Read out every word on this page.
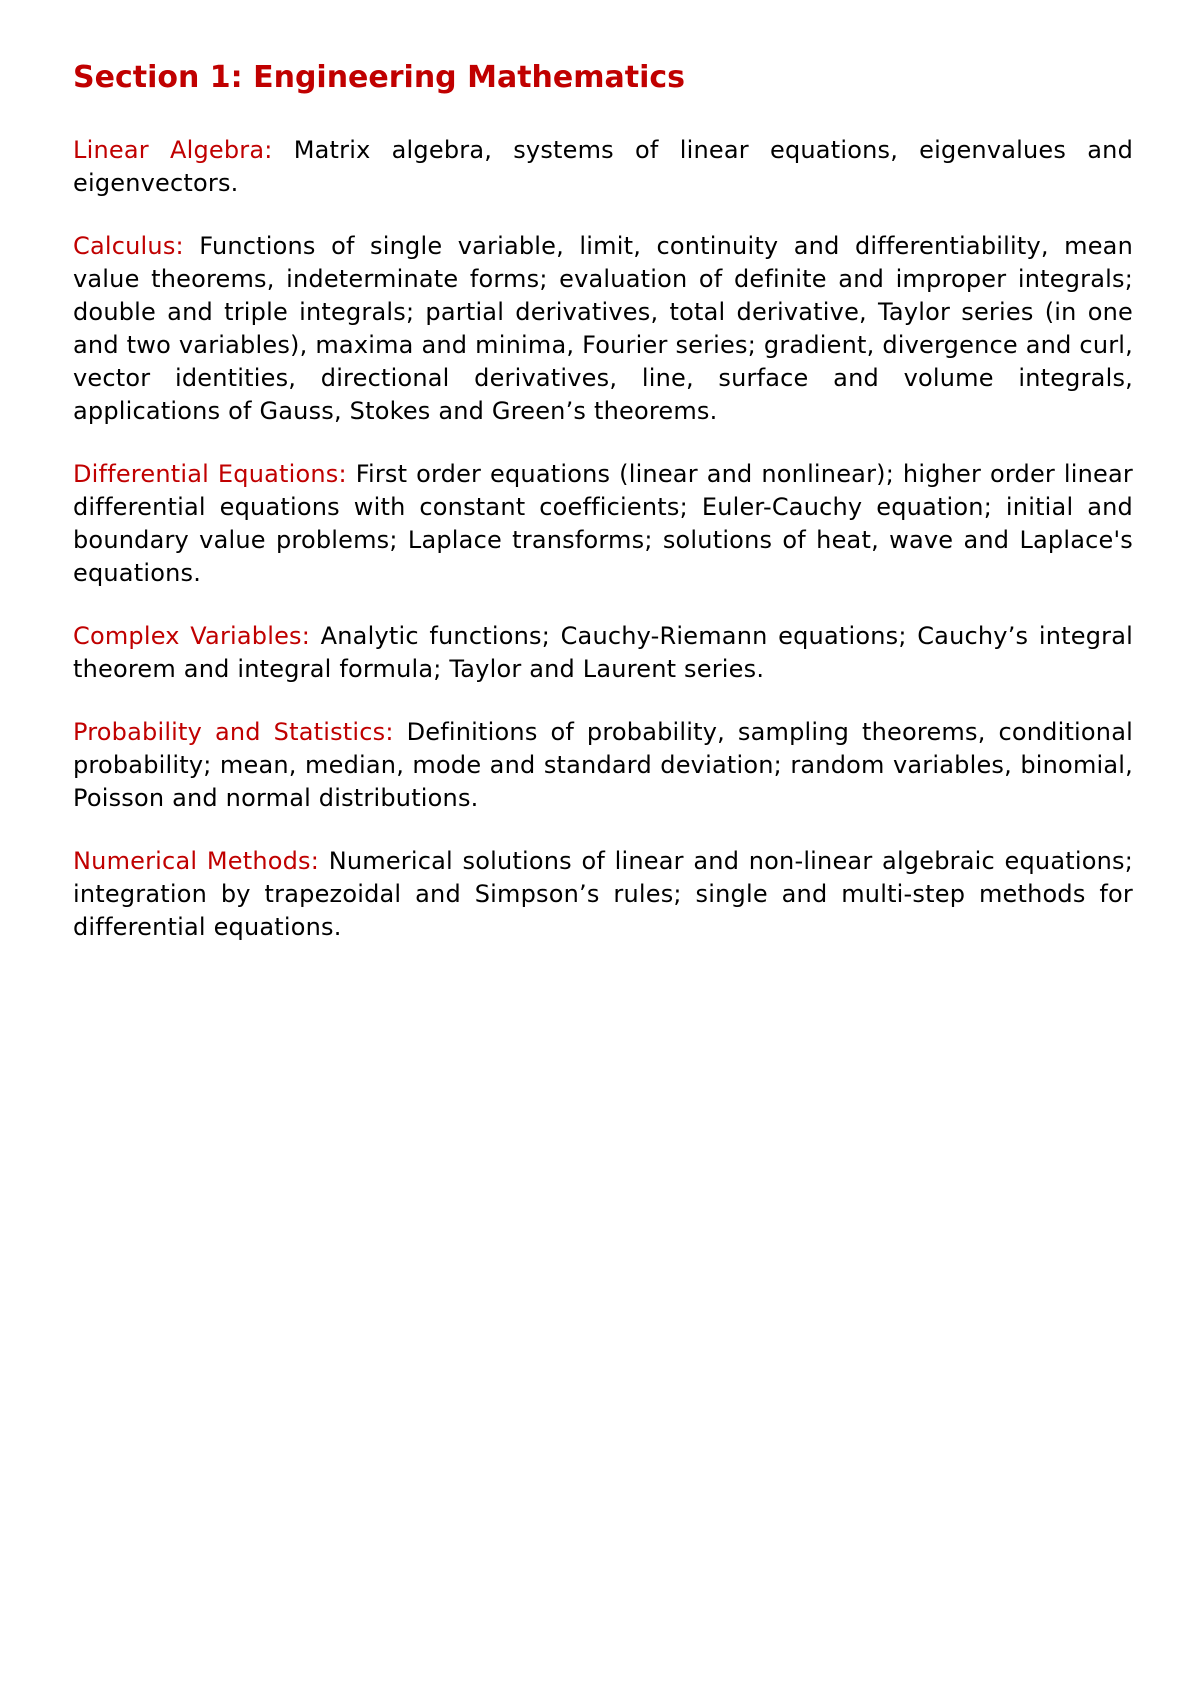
Section 1: Engineering Mathematics

Linear Algebra: Matrix algebra, systems of linear equations, eigenvalues and eigenvectors.

Calculus: Functions of single variable, limit, continuity and differentiability, mean value theorems, indeterminate forms; evaluation of definite and improper integrals; double and triple integrals; partial derivatives, total derivative, Taylor series (in one and two variables), maxima and minima, Fourier series; gradient, divergence and curl, vector identities, directional derivatives, line, surface and volume integrals, applications of Gauss, Stokes and Green’s theorems.

Differential Equations: First order equations (linear and nonlinear); higher order linear differential equations with constant coefficients; Euler-Cauchy equation; initial and boundary value problems; Laplace transforms; solutions of heat, wave and Laplace's equations.

Complex Variables: Analytic functions; Cauchy-Riemann equations; Cauchy’s integral theorem and integral formula; Taylor and Laurent series.

Probability and Statistics: Definitions of probability, sampling theorems, conditional probability; mean, median, mode and standard deviation; random variables, binomial, Poisson and normal distributions.

Numerical Methods: Numerical solutions of linear and non-linear algebraic equations; integration by trapezoidal and Simpson’s rules; single and multi-step methods for differential equations.
